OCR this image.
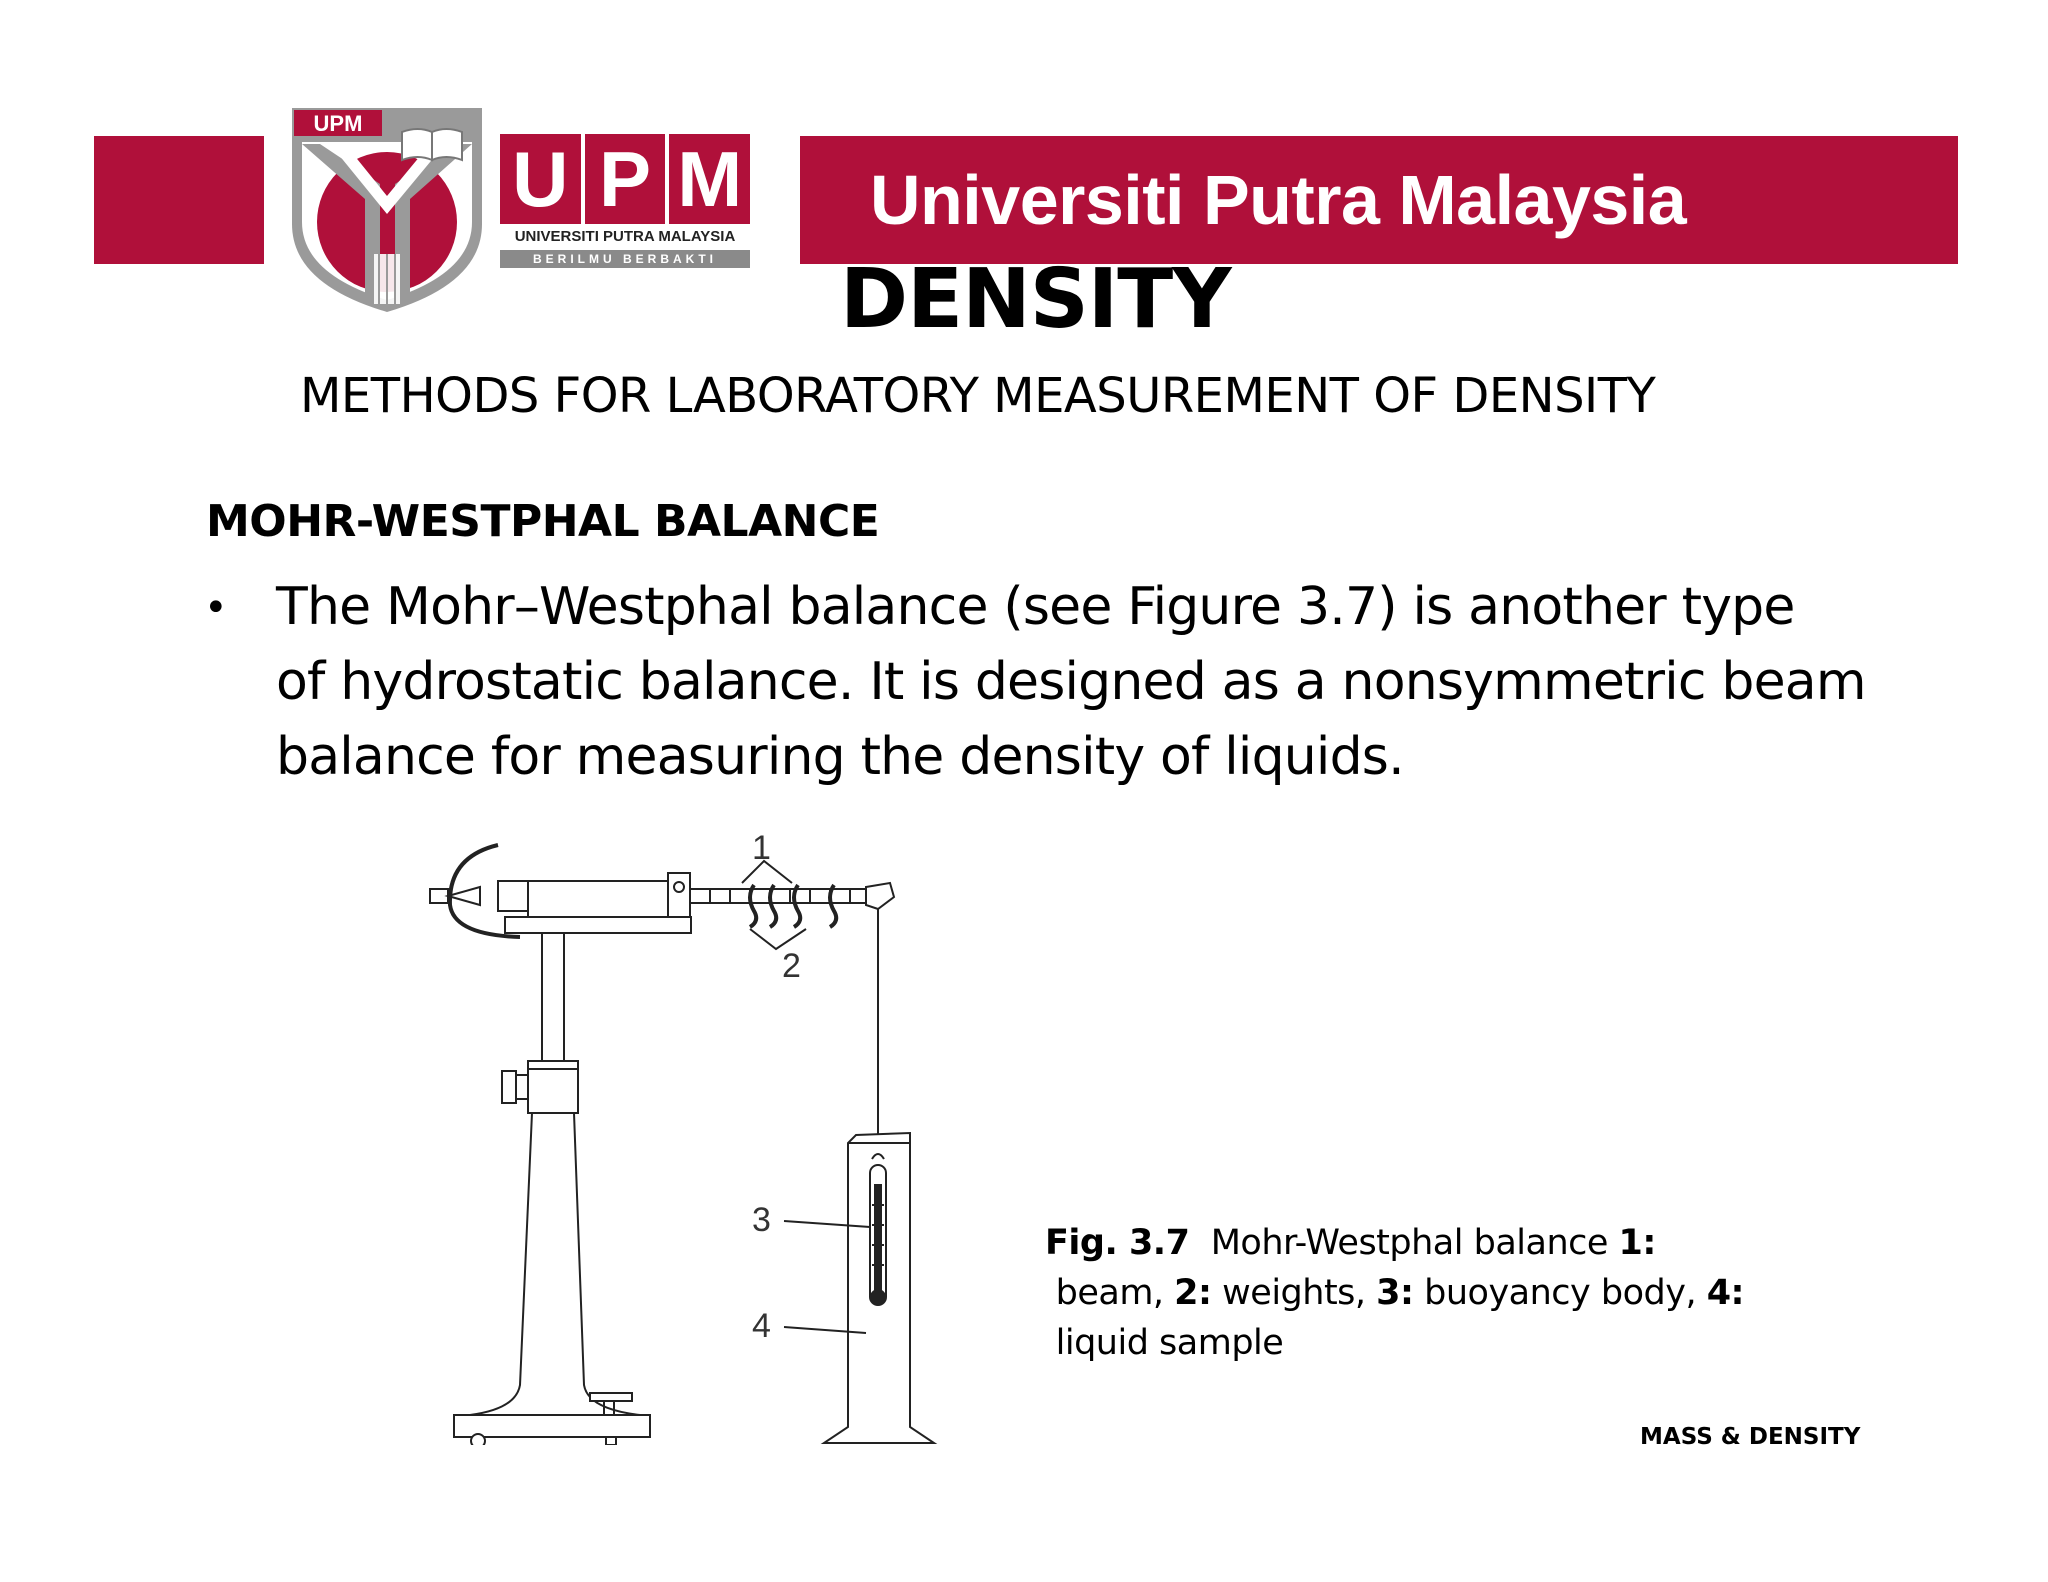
Universiti Putra Malaysia
UPM
U P M
UNIVERSITI PUTRA MALAYSIA
BERILMU BERBAKTI	DENSITY
METHODS FOR LABORATORY MEASUREMENT OF DENSITY
MOHR-WESTPHAL BALANCE
• The Mohr–Westphal balance (see Figure 3.7) is another type
of hydrostatic balance. It is designed as a nonsymmetric beam
balance for measuring the density of liquids.
1
2
3
4
Fig. 3.7  Mohr-Westphal balance 1:
beam, 2: weights, 3: buoyancy body, 4:
liquid sample
MASS & DENSITY
